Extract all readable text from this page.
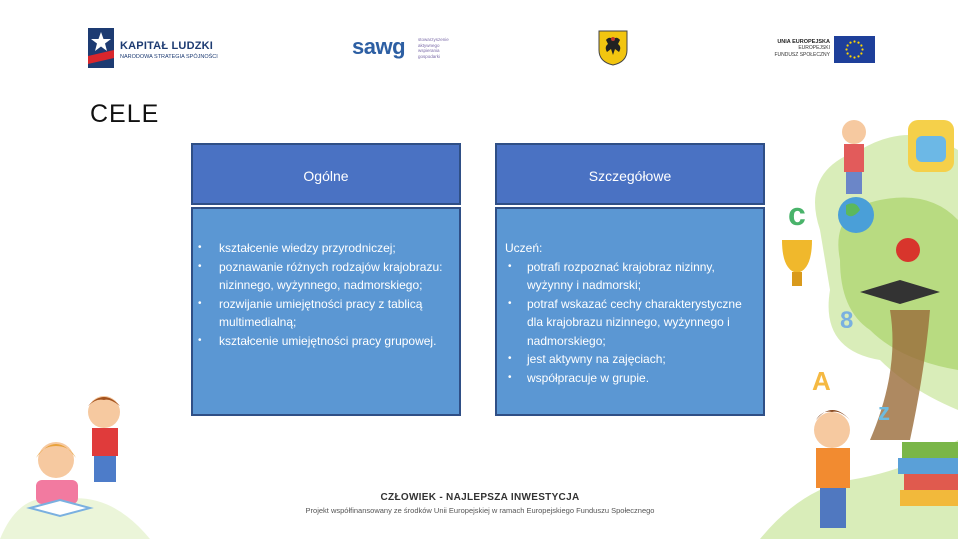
KAPITAŁ LUDZKI
NARODOWA STRATEGIA SPÓJNOŚCI	sawg	stowarzyszenie aktywnego wspierania gospodarki
UNIA EUROPEJSKA
EUROPEJSKI
FUNDUSZ SPOŁECZNY
CELE
Ogólne
• kształcenie wiedzy przyrodniczej;
• poznawanie różnych rodzajów krajobrazu: nizinnego, wyżynnego, nadmorskiego;
• rozwijanie umiejętności pracy z tablicą multimedialną;
• kształcenie umiejętności pracy grupowej.
Szczegółowe
Uczeń:
• potrafi rozpoznać krajobraz nizinny, wyżynny i nadmorski;
• potraf wskazać cechy charakterystyczne dla krajobrazu nizinnego, wyżynnego i nadmorskiego;
• jest aktywny na zajęciach;
• współpracuje w grupie.
CZŁOWIEK - NAJLEPSZA INWESTYCJA
Projekt współfinansowany ze środków Unii Europejskiej w ramach Europejskiego Funduszu Społecznego
c
8
A
z
